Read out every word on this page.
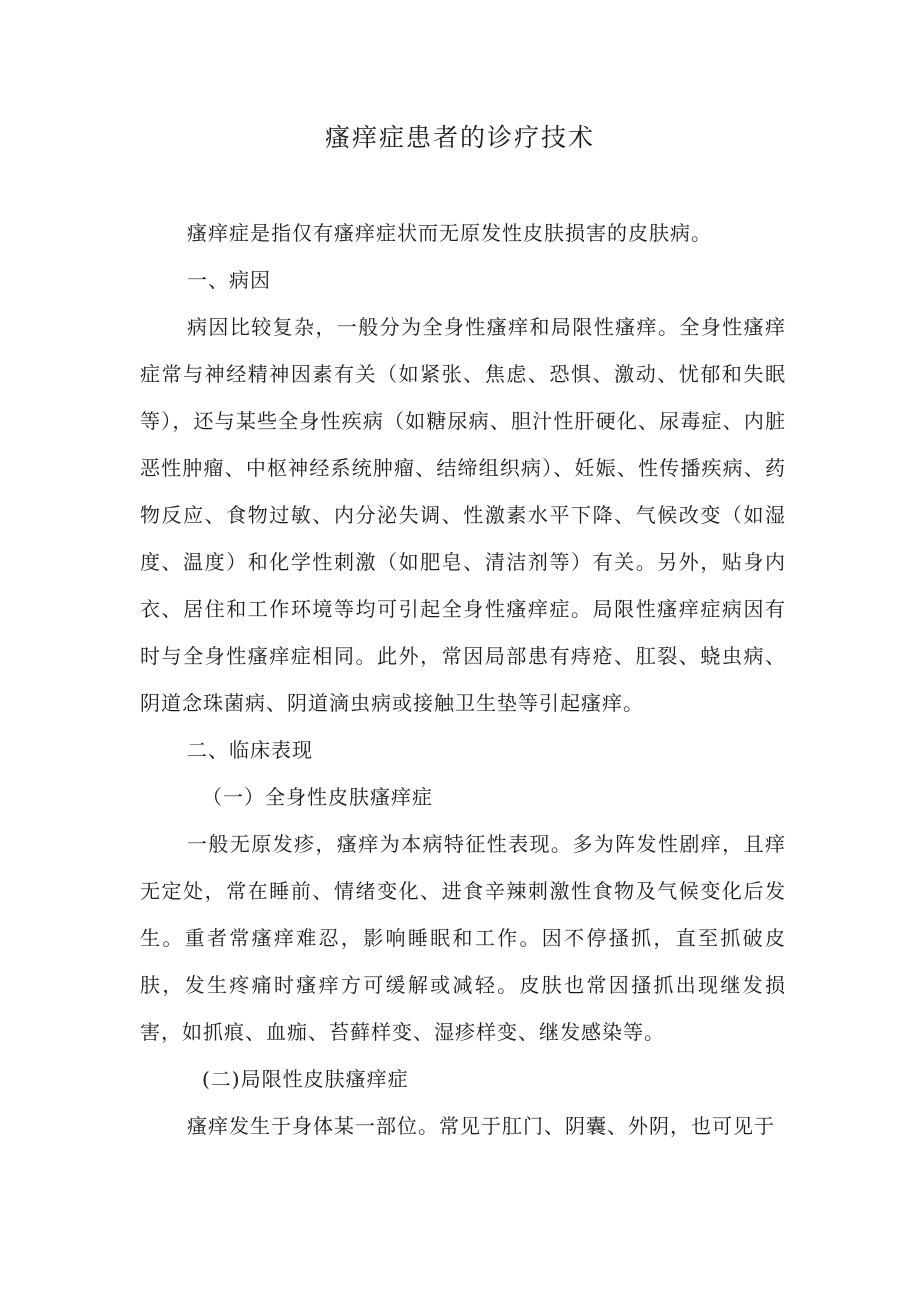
瘙痒症患者的诊疗技术

瘙痒症是指仅有瘙痒症状而无原发性皮肤损害的皮肤病。

一、病因

病因比较复杂，一般分为全身性瘙痒和局限性瘙痒。全身性瘙痒症常与神经精神因素有关（如紧张、焦虑、恐惧、激动、忧郁和失眠等），还与某些全身性疾病（如糖尿病、胆汁性肝硬化、尿毒症、内脏恶性肿瘤、中枢神经系统肿瘤、结缔组织病）、妊娠、性传播疾病、药物反应、食物过敏、内分泌失调、性激素水平下降、气候改变（如湿度、温度）和化学性刺激（如肥皂、清洁剂等）有关。另外，贴身内衣、居住和工作环境等均可引起全身性瘙痒症。局限性瘙痒症病因有时与全身性瘙痒症相同。此外，常因局部患有痔疮、肛裂、蛲虫病、阴道念珠菌病、阴道滴虫病或接触卫生垫等引起瘙痒。

二、临床表现

（一）全身性皮肤瘙痒症

一般无原发疹，瘙痒为本病特征性表现。多为阵发性剧痒，且痒无定处，常在睡前、情绪变化、进食辛辣刺激性食物及气候变化后发生。重者常瘙痒难忍，影响睡眠和工作。因不停搔抓，直至抓破皮肤，发生疼痛时瘙痒方可缓解或减轻。皮肤也常因搔抓出现继发损害，如抓痕、血痂、苔藓样变、湿疹样变、继发感染等。

(二)局限性皮肤瘙痒症

瘙痒发生于身体某一部位。常见于肛门、阴囊、外阴，也可见于
